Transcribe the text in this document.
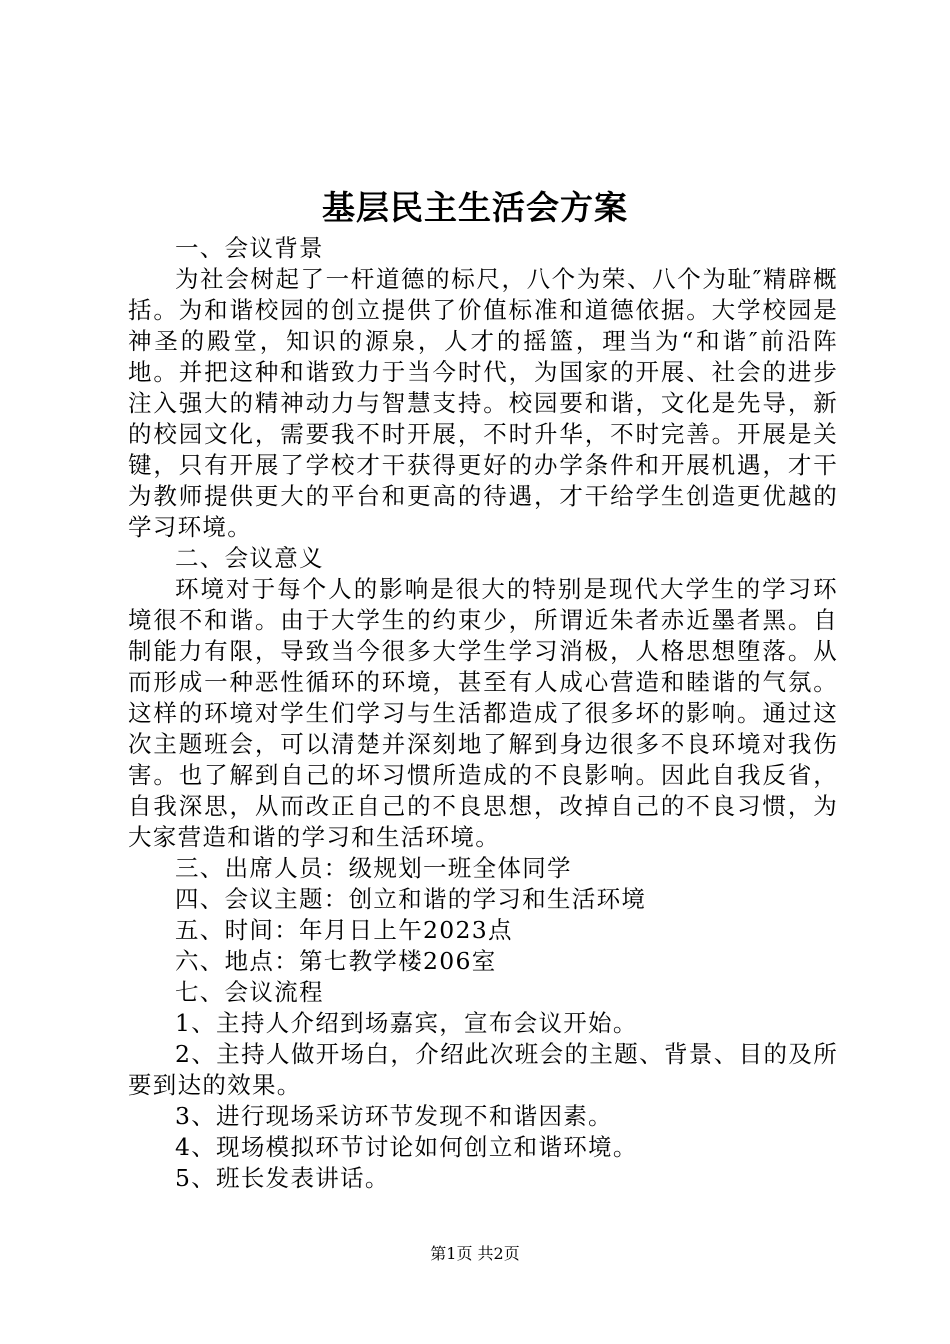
基层民主生活会方案

一、会议背景

为社会树起了一杆道德的标尺，八个为荣、八个为耻″精辟概括。为和谐校园的创立提供了价值标准和道德依据。大学校园是神圣的殿堂，知识的源泉，人才的摇篮，理当为“和谐″前沿阵地。并把这种和谐致力于当今时代，为国家的开展、社会的进步注入强大的精神动力与智慧支持。校园要和谐，文化是先导，新的校园文化，需要我不时开展，不时升华，不时完善。开展是关键，只有开展了学校才干获得更好的办学条件和开展机遇，才干为教师提供更大的平台和更高的待遇，才干给学生创造更优越的学习环境。

二、会议意义

环境对于每个人的影响是很大的特别是现代大学生的学习环境很不和谐。由于大学生的约束少，所谓近朱者赤近墨者黑。自制能力有限，导致当今很多大学生学习消极，人格思想堕落。从而形成一种恶性循环的环境，甚至有人成心营造和睦谐的气氛。这样的环境对学生们学习与生活都造成了很多坏的影响。通过这次主题班会，可以清楚并深刻地了解到身边很多不良环境对我伤害。也了解到自己的坏习惯所造成的不良影响。因此自我反省，自我深思，从而改正自己的不良思想，改掉自己的不良习惯，为大家营造和谐的学习和生活环境。

三、出席人员：级规划一班全体同学

四、会议主题：创立和谐的学习和生活环境

五、时间：年月日上午2023点

六、地点：第七教学楼206室

七、会议流程

1、主持人介绍到场嘉宾，宣布会议开始。

2、主持人做开场白，介绍此次班会的主题、背景、目的及所要到达的效果。

3、进行现场采访环节发现不和谐因素。

4、现场模拟环节讨论如何创立和谐环境。

5、班长发表讲话。

第1页 共2页
